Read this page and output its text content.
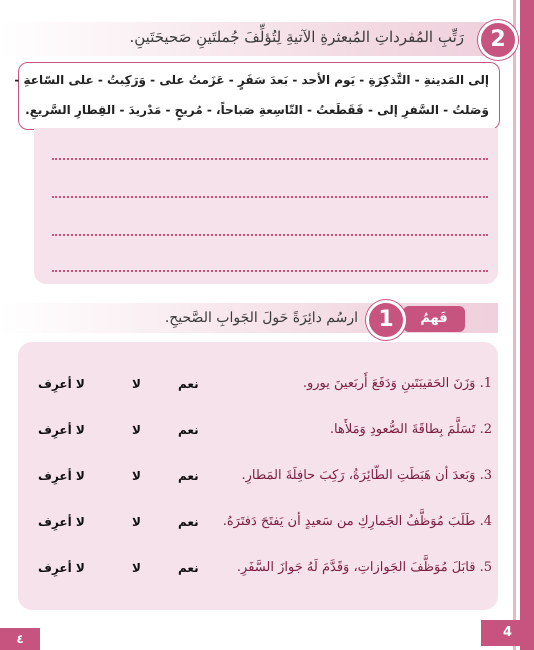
2
رَتِّبِ المُفرداتِ المُبعثرةِ الآتيةِ لِتُؤلِّفَ جُملتَينِ صَحيحَتَينِ.
إلى المَدينةِ - التَّذكِرَةِ - يَوم الأحد - بَعدَ سَفَرٍ - عَزَمتُ على - وَرَكِبتُ - على السّاعةِ -
وَصَلتُ - السَّفرِ إلى - فَقَطَعتُ - التّاسِعةِ صَباحاً، - مُريحٍ - مَدْريدَ - القِطارِ السَّريعِ.
فَهمُ
1
ارسُم دائِرَةً حَولَ الجَوابِ الصَّحيحِ.
1. وَزَنَ الحَقيبَتَينِ وَدَفَعَ أَربَعينَ يورو.
نعم
لا
لا أعرِف
2. تَسَلَّمَ بِطاقَةَ الصُّعودِ وَمَلأَها.
نعم
لا
لا أعرِف
3. وَبَعدَ أن هَبَطَتِ الطّائِرَةُ، رَكِبَ حافِلَةَ المَطارِ.
نعم
لا
لا أعرِف
4. طَلَبَ مُوَظَّفُ الجَمارِكِ من سَعيدٍ أن يَفتَحَ دَفتَرَهُ.
نعم
لا
لا أعرِف
5. قابَلَ مُوَظَّفَ الجَوازاتِ، وَقَدَّمَ لَهُ جَوازَ السَّفَرِ.
نعم
لا
لا أعرِف
4
٤
